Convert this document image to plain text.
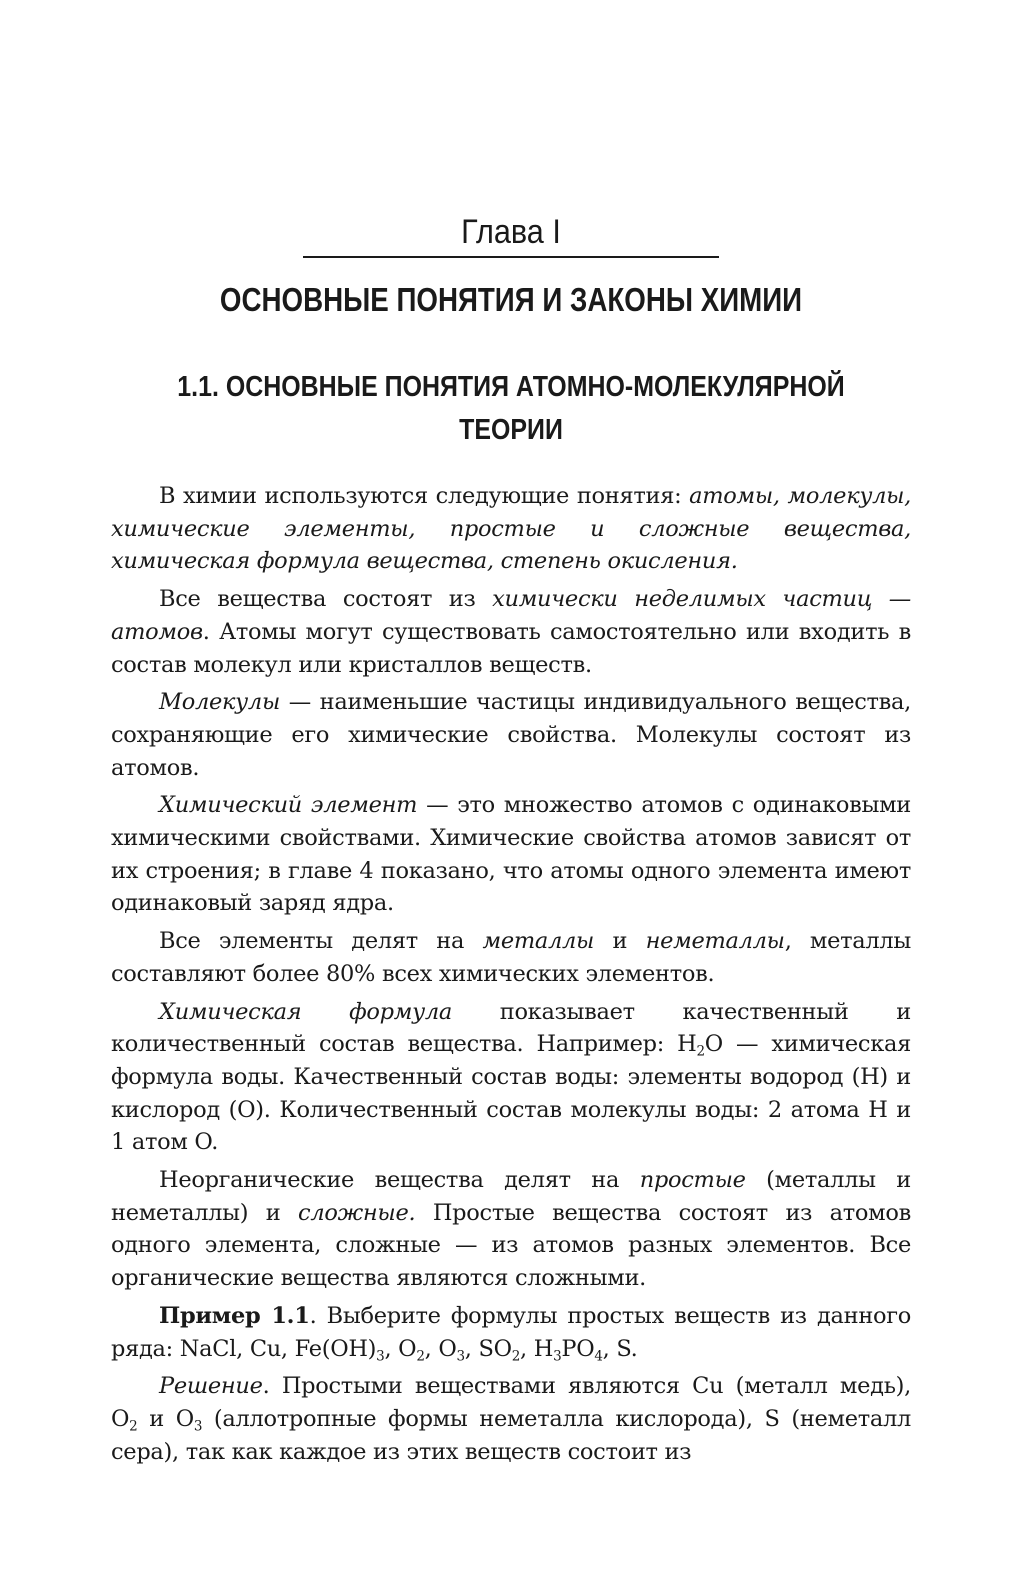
Глава I
ОСНОВНЫЕ ПОНЯТИЯ И ЗАКОНЫ ХИМИИ
1.1. ОСНОВНЫЕ ПОНЯТИЯ АТОМНО-МОЛЕКУЛЯРНОЙ
ТЕОРИИ

В химии используются следующие понятия: атомы, молекулы, химические элементы, простые и сложные вещества, химическая формула вещества, степень окисления.

Все вещества состоят из химически неделимых частиц — атомов. Атомы могут существовать самостоятельно или входить в состав молекул или кристаллов веществ.

Молекулы — наименьшие частицы индивидуального вещества, сохраняющие его химические свойства. Молекулы состоят из атомов.

Химический элемент — это множество атомов с одинаковыми химическими свойствами. Химические свойства атомов зависят от их строения; в главе 4 показано, что атомы одного элемента имеют одинаковый заряд ядра.

Все элементы делят на металлы и неметаллы, металлы составляют более 80% всех химических элементов.

Химическая формула показывает качественный и количественный состав вещества. Например: $H_2O$ — химическая формула воды. Качественный состав воды: элементы водород (H) и кислород (O). Количественный состав молекулы воды: 2 атома H и 1 атом O.

Неорганические вещества делят на простые (металлы и неметаллы) и сложные. Простые вещества состоят из атомов одного элемента, сложные — из атомов разных элементов. Все органические вещества являются сложными.

Пример 1.1. Выберите формулы простых веществ из данного ряда: NaCl, Cu, $Fe(OH)_3$, $O_2$, $O_3$, $SO_2$, $H_3PO_4$, S.

Решение. Простыми веществами являются Cu (металл медь), $O_2$ и $O_3$ (аллотропные формы неметалла кислорода), S (неметалл сера), так как каждое из этих веществ состоит из
